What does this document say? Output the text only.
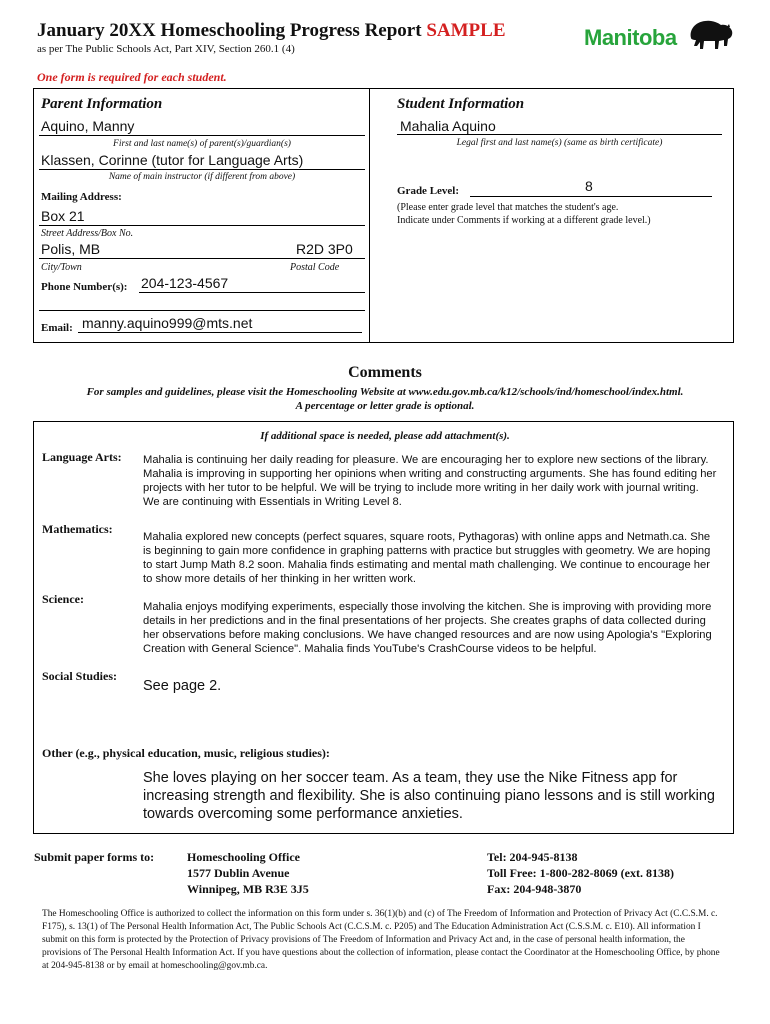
January 20XX Homeschooling Progress Report SAMPLE
as per The Public Schools Act, Part XIV, Section 260.1 (4)	Manitoba
One form is required for each student.
Parent Information
Aquino, Manny
First and last name(s) of parent(s)/guardian(s)
Klassen, Corinne (tutor for Language Arts)
Name of main instructor (if different from above)
Mailing Address:
Box 21
Street Address/Box No.
Polis, MB	R2D 3P0
City/Town	Postal Code
Phone Number(s): 204-123-4567
Email: manny.aquino999@mts.net
Student Information
Mahalia Aquino
Legal first and last name(s) (same as birth certificate)
Grade Level:	8
(Please enter grade level that matches the student's age.
Indicate under Comments if working at a different grade level.)
Comments
For samples and guidelines, please visit the Homeschooling Website at www.edu.gov.mb.ca/k12/schools/ind/homeschool/index.html.
A percentage or letter grade is optional.
If additional space is needed, please add attachment(s).
Language Arts: Mahalia is continuing her daily reading for pleasure. We are encouraging her to explore new sections of the library. Mahalia is improving in supporting her opinions when writing and constructing arguments. She has found editing her projects with her tutor to be helpful. We will be trying to include more writing in her daily work with journal writing. We are continuing with Essentials in Writing Level 8.
Mathematics:
Mahalia explored new concepts (perfect squares, square roots, Pythagoras) with online apps and Netmath.ca. She is beginning to gain more confidence in graphing patterns with practice but struggles with geometry. We are hoping to start Jump Math 8.2 soon. Mahalia finds estimating and mental math challenging. We continue to encourage her to show more details of her thinking in her written work.
Science:
Mahalia enjoys modifying experiments, especially those involving the kitchen. She is improving with providing more details in her predictions and in the final presentations of her projects. She creates graphs of data collected during her observations before making conclusions. We have changed resources and are now using Apologia's "Exploring Creation with General Science". Mahalia finds YouTube's CrashCourse videos to be helpful.
Social Studies:
See page 2.
Other (e.g., physical education, music, religious studies):
She loves playing on her soccer team. As a team, they use the Nike Fitness app for increasing strength and flexibility. She is also continuing piano lessons and is still working towards overcoming some performance anxieties.
Submit paper forms to:	Homeschooling Office
1577 Dublin Avenue
Winnipeg, MB R3E 3J5
Tel: 204-945-8138
Toll Free: 1-800-282-8069 (ext. 8138)
Fax: 204-948-3870
The Homeschooling Office is authorized to collect the information on this form under s. 36(1)(b) and (c) of The Freedom of Information and Protection of Privacy Act (C.C.S.M. c. F175), s. 13(1) of The Personal Health Information Act, The Public Schools Act (C.C.S.M. c. P205) and The Education Administration Act (C.S.S.M. c. E10). All information I submit on this form is protected by the Protection of Privacy provisions of The Freedom of Information and Privacy Act and, in the case of personal health information, the provisions of The Personal Health Information Act. If you have questions about the collection of information, please contact the Coordinator at the Homeschooling Office, by phone at 204-945-8138 or by email at homeschooling@gov.mb.ca.
